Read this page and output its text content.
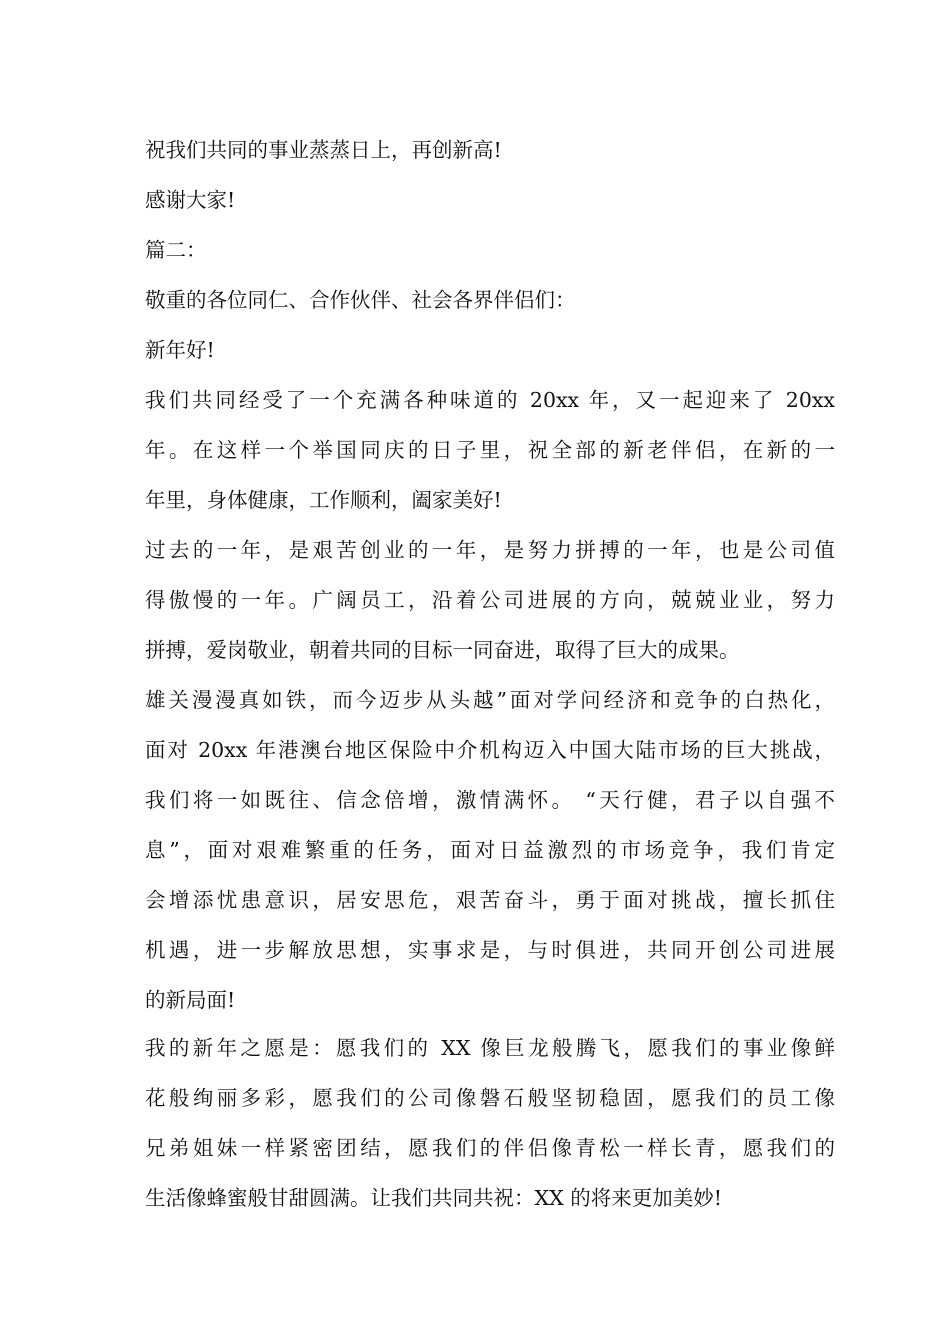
祝我们共同的事业蒸蒸日上，再创新高!
感谢大家!
篇二：
敬重的各位同仁、合作伙伴、社会各界伴侣们：
新年好!
我们共同经受了一个充满各种味道的 20xx 年，又一起迎来了 20xx
年。在这样一个举国同庆的日子里，祝全部的新老伴侣，在新的一
年里，身体健康，工作顺利，阖家美好!
过去的一年，是艰苦创业的一年，是努力拼搏的一年，也是公司值
得傲慢的一年。广阔员工，沿着公司进展的方向，兢兢业业，努力
拼搏，爱岗敬业，朝着共同的目标一同奋进，取得了巨大的成果。
雄关漫漫真如铁，而今迈步从头越”面对学问经济和竞争的白热化，
面对 20xx 年港澳台地区保险中介机构迈入中国大陆市场的巨大挑战，
我们将一如既往、信念倍增，激情满怀。 “天行健，君子以自强不
息”，面对艰难繁重的任务，面对日益激烈的市场竞争，我们肯定
会增添忧患意识，居安思危，艰苦奋斗，勇于面对挑战，擅长抓住
机遇，进一步解放思想，实事求是，与时俱进，共同开创公司进展
的新局面!
我的新年之愿是：愿我们的 XX 像巨龙般腾飞，愿我们的事业像鲜
花般绚丽多彩，愿我们的公司像磐石般坚韧稳固，愿我们的员工像
兄弟姐妹一样紧密团结，愿我们的伴侣像青松一样长青，愿我们的
生活像蜂蜜般甘甜圆满。让我们共同共祝：XX 的将来更加美妙!
